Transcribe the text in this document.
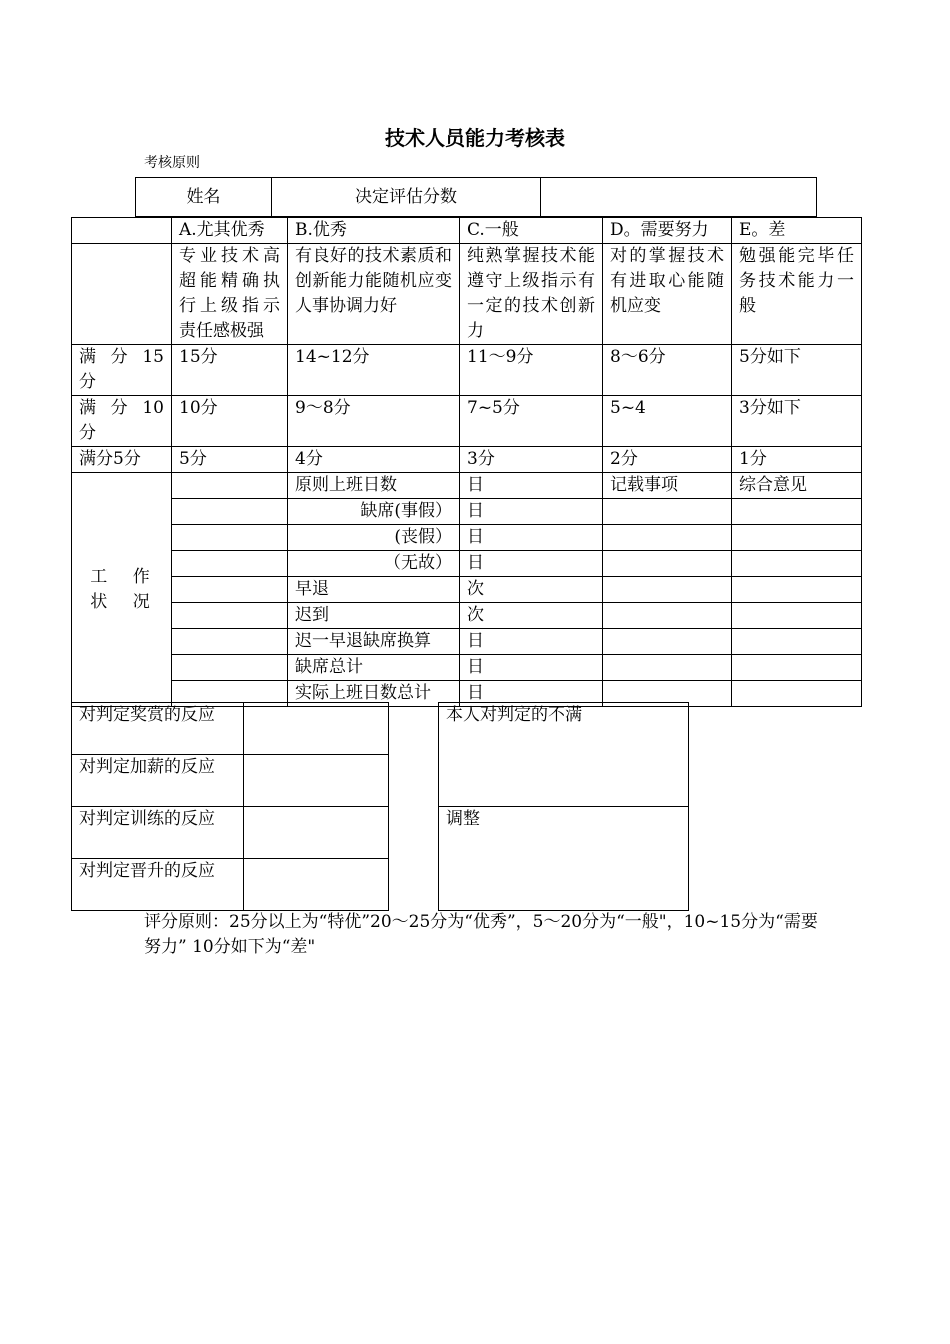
技术人员能力考核表
考核原则
姓名	决定评估分数	
	A.尤其优秀	B.优秀	C.一般	D。需要努力	E。差
	专业技术高超能精确执行上级指示责任感极强	有良好的技术素质和创新能力能随机应变人事协调力好	纯熟掌握技术能遵守上级指示有一定的技术创新力	对的掌握技术有进取心能随机应变	勉强能完毕任务技术能力一般
满 分 15 分	15分	14~12分	11～9分	8～6分	5分如下
满 分 10 分	10分	9～8分	7~5分	5~4	3分如下
满分5分	5分	4分	3分	2分	1分
工 作 状 况		原则上班日数	日	记载事项	综合意见
		缺席(事假）	日		
		(丧假）	日		
		（无故）	日		
		早退	次		
		迟到	次		
		迟一早退缺席换算	日		
		缺席总计	日		
		实际上班日数总计	日		
对判定奖赏的反应	
对判定加薪的反应	
对判定训练的反应	
对判定晋升的反应	
本人对判定的不满
调整
评分原则：25分以上为“特优”20～25分为“优秀”，5～20分为“一般"，10~15分为“需要努力” 10分如下为“差"
